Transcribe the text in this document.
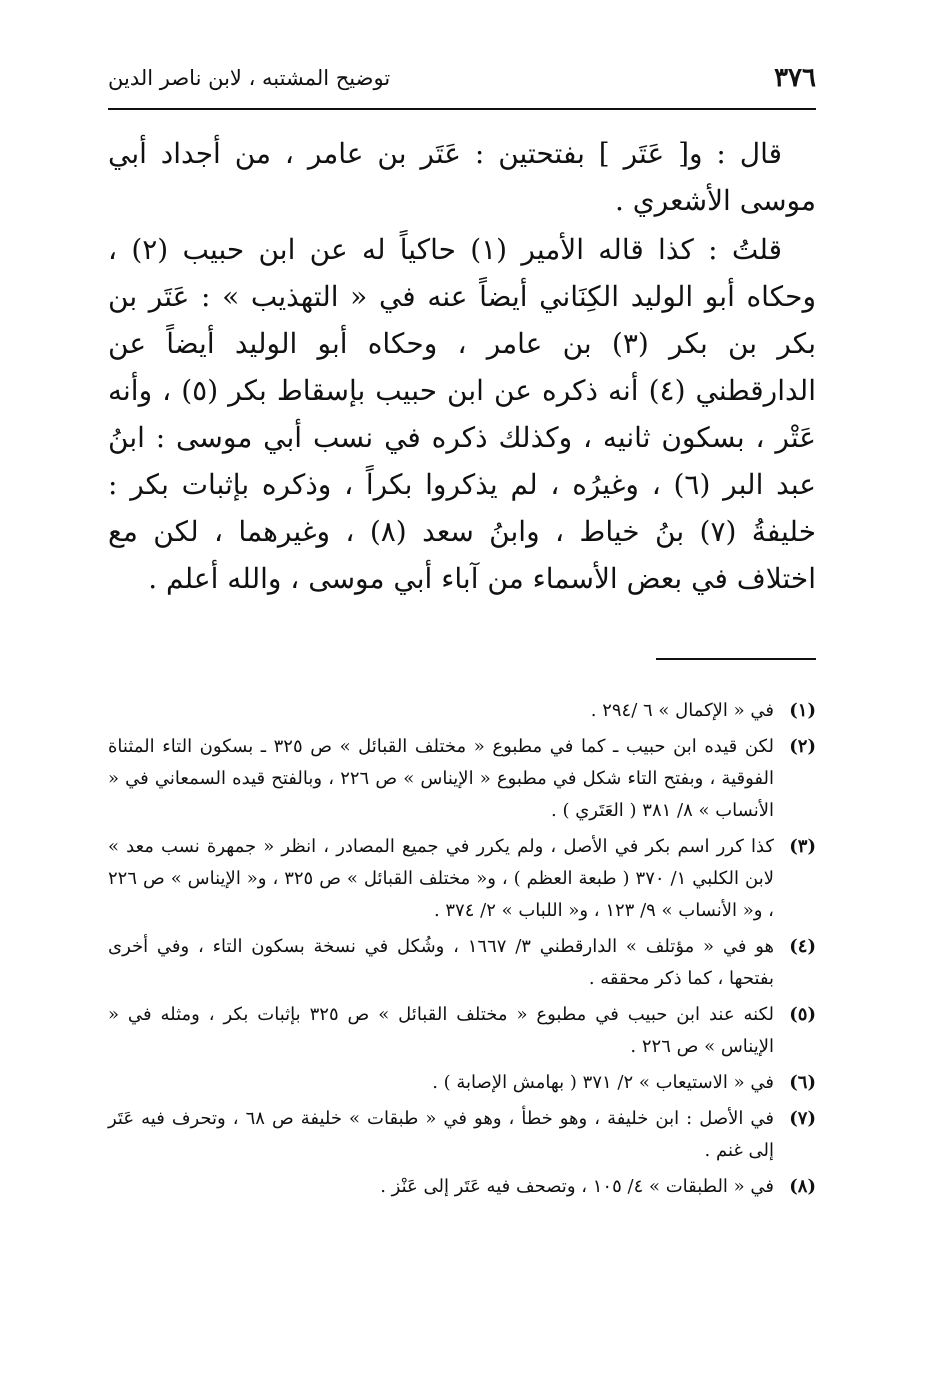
٣٧٦
توضيح المشتبه ، لابن ناصر الدين

قال : و[ عَتَر ] بفتحتين : عَتَر بن عامر ، من أجداد أبي موسى الأشعري .

قلتُ : كذا قاله الأمير (١) حاكياً له عن ابن حبيب (٢) ، وحكاه أبو الوليد الكِنَاني أيضاً عنه في « التهذيب » : عَتَر بن بكر بن بكر (٣) بن عامر ، وحكاه أبو الوليد أيضاً عن الدارقطني (٤) أنه ذكره عن ابن حبيب بإسقاط بكر (٥) ، وأنه عَتْر ، بسكون ثانيه ، وكذلك ذكره في نسب أبي موسى : ابنُ عبد البر (٦) ، وغيرُه ، لم يذكروا بكراً ، وذكره بإثبات بكر : خليفةُ (٧) بنُ خياط ، وابنُ سعد (٨) ، وغيرهما ، لكن مع اختلاف في بعض الأسماء من آباء أبي موسى ، والله أعلم .

(١)
في « الإكمال » ٦ /٢٩٤ .
(٢)
لكن قيده ابن حبيب ـ كما في مطبوع « مختلف القبائل » ص ٣٢٥ ـ بسكون التاء المثناة الفوقية ، وبفتح التاء شكل في مطبوع « الإيناس » ص ٢٢٦ ، وبالفتح قيده السمعاني في « الأنساب » ٨/ ٣٨١ ( العَتَري ) .
(٣)
كذا كرر اسم بكر في الأصل ، ولم يكرر في جميع المصادر ، انظر « جمهرة نسب معد » لابن الكلبي ١/ ٣٧٠ ( طبعة العظم ) ، و« مختلف القبائل » ص ٣٢٥ ، و« الإيناس » ص ٢٢٦ ، و« الأنساب » ٩/ ١٢٣ ، و« اللباب » ٢/ ٣٧٤ .
(٤)
هو في « مؤتلف » الدارقطني ٣/ ١٦٦٧ ، وشُكل في نسخة بسكون التاء ، وفي أخرى بفتحها ، كما ذكر محققه .
(٥)
لكنه عند ابن حبيب في مطبوع « مختلف القبائل » ص ٣٢٥ بإثبات بكر ، ومثله في « الإيناس » ص ٢٢٦ .
(٦)
في « الاستيعاب » ٢/ ٣٧١ ( بهامش الإصابة ) .
(٧)
في الأصل : ابن خليفة ، وهو خطأ ، وهو في « طبقات » خليفة ص ٦٨ ، وتحرف فيه عَتَر إلى غنم .
(٨)
في « الطبقات » ٤/ ١٠٥ ، وتصحف فيه عَتَر إلى عَنْز .
